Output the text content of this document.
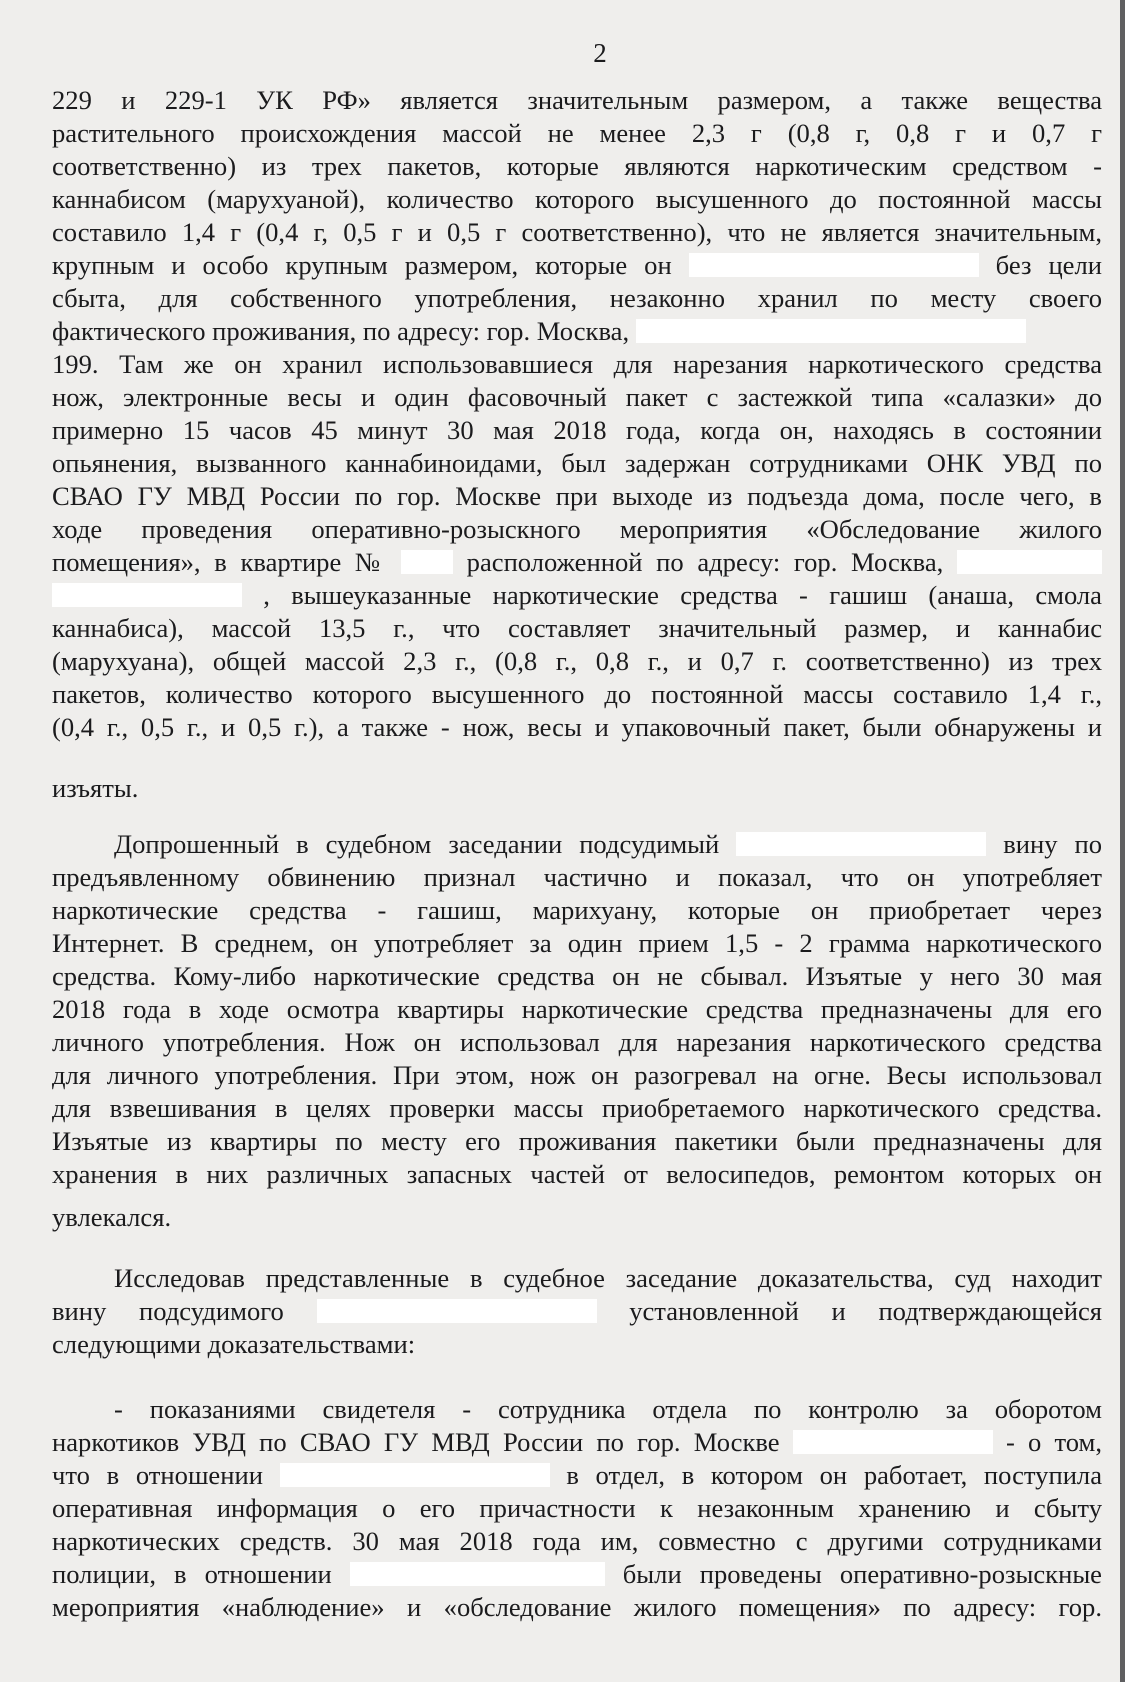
2
229 и 229-1 УК РФ» является значительным размером, а также вещества
растительного происхождения массой не менее 2,3 г (0,8 г, 0,8 г и 0,7 г
соответственно) из трех пакетов, которые являются наркотическим средством -
каннабисом (марухуаной), количество которого высушенного до постоянной массы
составило 1,4 г (0,4 г, 0,5 г и 0,5 г соответственно), что не является значительным,
крупным и особо крупным размером, которые он	без цели
сбыта, для собственного употребления, незаконно хранил по месту своего
фактического проживания, по адресу: гор. Москва,
199. Там же он хранил использовавшиеся для нарезания наркотического средства
нож, электронные весы и один фасовочный пакет с застежкой типа «салазки» до
примерно 15 часов 45 минут 30 мая 2018 года, когда он, находясь в состоянии
опьянения, вызванного каннабиноидами, был задержан сотрудниками ОНК УВД по
СВАО ГУ МВД России по гор. Москве при выходе из подъезда дома, после чего, в
ходе проведения оперативно-розыскного мероприятия «Обследование жилого
помещения», в квартире №	расположенной по адресу: гор. Москва,
, вышеуказанные наркотические средства - гашиш (анаша, смола
каннабиса), массой 13,5 г., что составляет значительный размер, и каннабис
(марухуана), общей массой 2,3 г., (0,8 г., 0,8 г., и 0,7 г. соответственно) из трех
пакетов, количество которого высушенного до постоянной массы составило 1,4 г.,
(0,4 г., 0,5 г., и 0,5 г.), а также - нож, весы и упаковочный пакет, были обнаружены и
изъяты.
Допрошенный в судебном заседании подсудимый	вину по
предъявленному обвинению признал частично и показал, что он употребляет
наркотические средства - гашиш, марихуану, которые он приобретает через
Интернет. В среднем, он употребляет за один прием 1,5 - 2 грамма наркотического
средства. Кому-либо наркотические средства он не сбывал. Изъятые у него 30 мая
2018 года в ходе осмотра квартиры наркотические средства предназначены для его
личного употребления. Нож он использовал для нарезания наркотического средства
для личного употребления. При этом, нож он разогревал на огне. Весы использовал
для взвешивания в целях проверки массы приобретаемого наркотического средства.
Изъятые из квартиры по месту его проживания пакетики были предназначены для
хранения в них различных запасных частей от велосипедов, ремонтом которых он
увлекался.
Исследовав представленные в судебное заседание доказательства, суд находит
вину подсудимого	установленной и подтверждающейся
следующими доказательствами:
- показаниями свидетеля - сотрудника отдела по контролю за оборотом
наркотиков УВД по СВАО ГУ МВД России по гор. Москве	- о том,
что в отношении	в отдел, в котором он работает, поступила
оперативная информация о его причастности к незаконным хранению и сбыту
наркотических средств. 30 мая 2018 года им, совместно с другими сотрудниками
полиции, в отношении	были проведены оперативно-розыскные
мероприятия «наблюдение» и «обследование жилого помещения» по адресу: гор.
